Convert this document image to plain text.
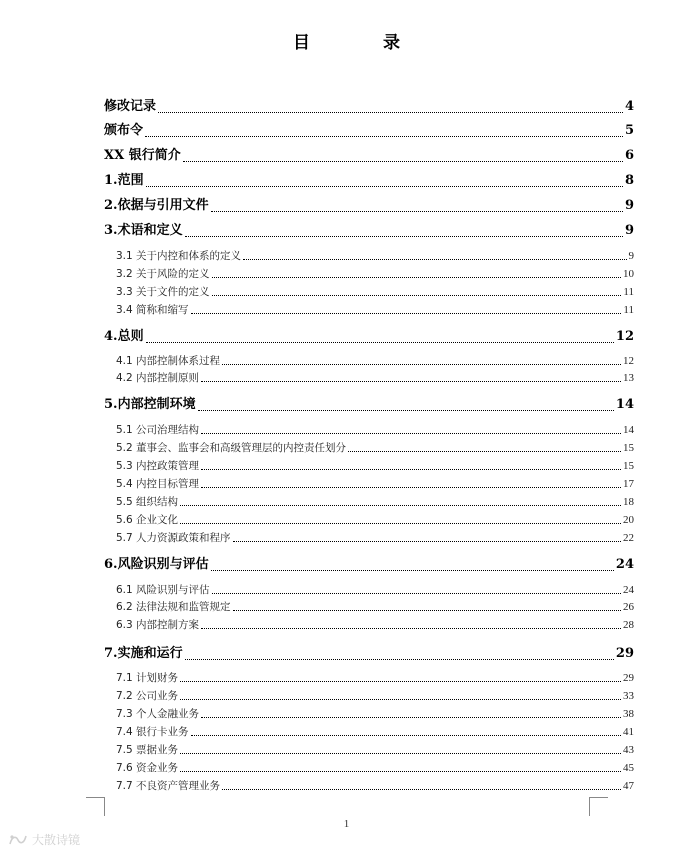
目　录
修改记录	4
颁布令	5
XX 银行简介	6
1.范围	8
2.依据与引用文件	9
3.术语和定义	9
3.1 关于内控和体系的定义	9
3.2 关于风险的定义	10
3.3 关于文件的定义	11
3.4 简称和缩写	11
4.总则	12
4.1 内部控制体系过程	12
4.2 内部控制原则	13
5.内部控制环境	14
5.1 公司治理结构	14
5.2 董事会、监事会和高级管理层的内控责任划分	15
5.3 内控政策管理	15
5.4 内控目标管理	17
5.5 组织结构	18
5.6 企业文化	20
5.7 人力资源政策和程序	22
6.风险识别与评估	24
6.1 风险识别与评估	24
6.2 法律法规和监管规定	26
6.3 内部控制方案	28
7.实施和运行	29
7.1 计划财务	29
7.2 公司业务	33
7.3 个人金融业务	38
7.4 银行卡业务	41
7.5 票据业务	43
7.6 资金业务	45
7.7 不良资产管理业务	47
1
大散诗镜
